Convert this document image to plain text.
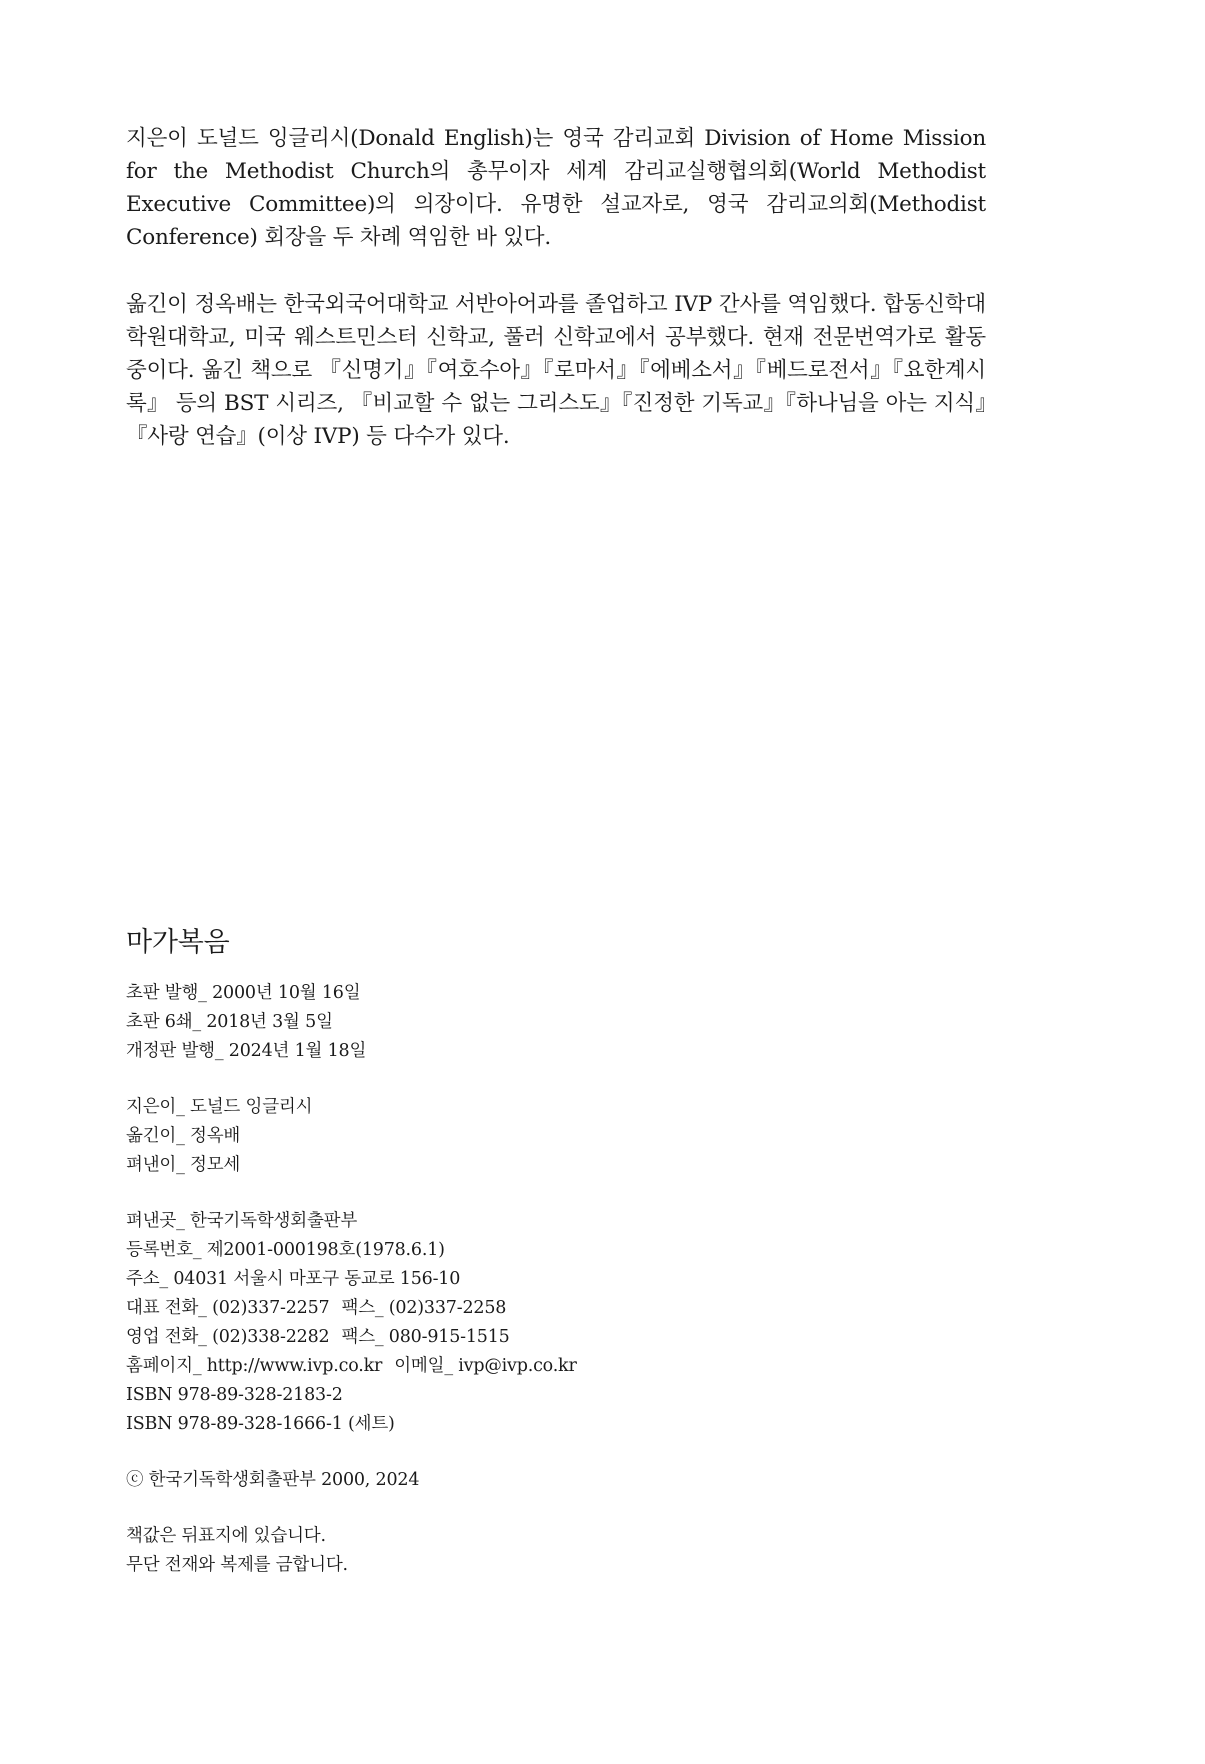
지은이 도널드 잉글리시(Donald English)는 영국 감리교회 Division of Home Mission for the Methodist Church의 총무이자 세계 감리교실행협의회(World Methodist Executive Committee)의 의장이다. 유명한 설교자로, 영국 감리교의회(Methodist Conference) 회장을 두 차례 역임한 바 있다.

옮긴이 정옥배는 한국외국어대학교 서반아어과를 졸업하고 IVP 간사를 역임했다. 합동신학대학원대학교, 미국 웨스트민스터 신학교, 풀러 신학교에서 공부했다. 현재 전문번역가로 활동 중이다. 옮긴 책으로 『신명기』『여호수아』『로마서』『에베소서』『베드로전서』『요한계시록』 등의 BST 시리즈, 『비교할 수 없는 그리스도』『진정한 기독교』『하나님을 아는 지식』『사랑 연습』(이상 IVP) 등 다수가 있다.

마가복음
초판 발행_ 2000년 10월 16일
초판 6쇄_ 2018년 3월 5일
개정판 발행_ 2024년 1월 18일
지은이_ 도널드 잉글리시
옮긴이_ 정옥배
펴낸이_ 정모세
펴낸곳_ 한국기독학생회출판부
등록번호_ 제2001-000198호(1978.6.1)
주소_ 04031 서울시 마포구 동교로 156-10
대표 전화_ (02)337-2257 팩스_ (02)337-2258
영업 전화_ (02)338-2282 팩스_ 080-915-1515
홈페이지_ http://www.ivp.co.kr 이메일_ ivp@ivp.co.kr
ISBN 978-89-328-2183-2
ISBN 978-89-328-1666-1 (세트)
ⓒ 한국기독학생회출판부 2000, 2024
책값은 뒤표지에 있습니다.
무단 전재와 복제를 금합니다.
